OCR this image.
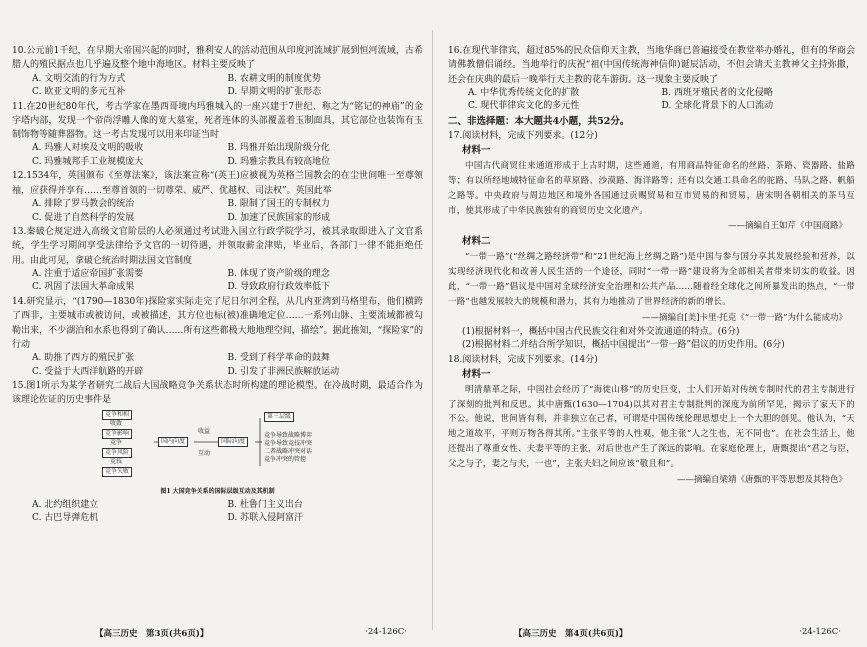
10.公元前1千纪，在早期大帝国兴起的同时，雅利安人的活动范围从印度河流域扩展到恒河流域，古希腊人的殖民据点也几乎遍及整个地中海地区。材料主要反映了

A. 文明交流的行为方式	B. 农耕文明的制度优势
C. 欧亚文明的多元互补	D. 早期文明的扩张形态

11.在20世纪80年代，考古学家在墨西哥境内玛雅城入的一座兴建于7世纪、称之为“铭记的神庙”的金字塔内部，发现一个帝尚浮雕人像的宽大墓室，死者连体的头部覆盖着玉制面具，其它部位也装饰有玉制饰物等随葬器物。这一考古发现可以用来印证当时

A. 玛雅人对埃及文明的吸收	B. 玛雅开始出现阶级分化
C. 玛雅城邦手工业规模庞大	D. 玛雅宗教具有较高地位

12.1534年，英国颁布《至尊法案》，该法案宣称“(英王)应被视为英格兰国教会的在尘世间唯一至尊领袖，应获得并享有……至尊首领的一切尊荣、威严、优越权、司法权”。英国此举

A. 排除了罗马教会的统治	B. 限制了国王的专制权力
C. 促进了自然科学的发展	D. 加速了民族国家的形成

13.秦破仑规定进入高级文官阶层的人必须通过考试进入国立行政学院学习，被其录取即进入了文官系统，学生学习期间享受法律给予文官的一切待遇，并领取薪金津贴，毕业后，各部门一律不能拒绝任用。由此可见，拿破仑统治时期法国文官制度

A. 注重于适应帝国扩张需要	B. 体现了资产阶级的理念
C. 巩固了法国大革命成果	D. 导致政府行政效率低下

14.研究显示，“(1790—1830年)探险家实际走完了尼日尔河全程，从几内亚湾到马格里布，他们横跨了西非，主要城市或被访问，或被描述，其方位也标(被)准确地定位……一系列山脉、主要流域都被勾勒出来，不少湖泊和水系也得到了确认……所有这些都极大地地理空间，描绘”。据此推知，“探险家”的行动

A. 助推了西方的殖民扩张	B. 受到了科学革命的鼓舞
C. 受益于大西洋航路的开辟	D. 引发了非洲民族解放运动

15.图1所示为某学者研究二战后大国战略竞争关系状态时所构建的理论模型。在冷战时期，最适合作为该理论佐证的历史事件是

竞争和相
收敛
竞争影响
竞争
竞争风险
竞技
竞争失败
国内向度	国际向度
收益
互动
第三层级
竞争导致战略博弈
竞争导致竞技冲突
二者战略冲突对话
竞争冲突的管控

图1 大国竞争关系的国际层级互动及其机制

A. 北约组织建立	B. 杜鲁门主义出台
C. 古巴导弹危机	D. 苏联入侵阿富汗
【高三历史　第3页(共6页)】	·24-126C·

16.在现代菲律宾，超过85%的民众信仰天主教，当地华商已普遍接受在教堂举办婚礼，但有的华商会请佛教僧侣诵经。当地举行的庆祝“祖(中国传统海神信仰)诞辰活动，不但会请天主教神父主持弥撒，还会在庆典的最后一晚举行天主教的花车游街。这一现象主要反映了

A. 中华优秀传统文化的扩散	B. 西班牙殖民者的文化侵略
C. 现代菲律宾文化的多元性	D. 全球化背景下的人口流动

二、非选择题：本大题共4小题，共52分。

17.阅读材料，完成下列要求。(12分)

材料一

中国古代商贸往来通道形成于上古时期，这些通道，有用商品特征命名的丝路、茶路、瓷器路、盐路等；有以所经地域特征命名的草原路、沙漠路、海洋路等；还有以交通工具命名的驼路、马队之路、帆船之路等。中央政府与周边地区和境外各国通过贡赐贸易和互市贸易的和贸易，唐宋明各朝相关的茶马互市，使其形成了中华民族独有的商贸历史文化遗产。

——摘编自王如芹《中国商路》

材料二

“一带一路”(“丝绸之路经济带”和“21世纪海上丝绸之路”)是中国与参与国分享其发展经验和营养，以实现经济现代化和改善人民生活的一个途径，同时“一带一路”建设将为全部相关者带来切实的收益。因此，“一带一路”倡议是中国对全球经济安全治理和公共产品……随着经全球化之间所暴发出的热点，“一带一路”也越发展较大的规模和潜力，其有力地推动了世界经济的新的增长。

——摘编自[美]卡里·托克《“一带一路”为什么能成功》

(1)根据材料一，概括中国古代民族交往和对外交流通道的特点。(6分)

(2)根据材料二并结合所学知识，概括中国提出“一带一路”倡议的历史作用。(6分)

18.阅读材料，完成下列要求。(14分)

材料一

明清鼎革之际，中国社会经历了“海徙山移”的历史巨变，士人们开始对传统专制时代的君主专制进行了深刻的批判和反思。其中唐甄(1630—1704)以其对君主专制批判的深度为前所罕见，揭示了家天下的不公。他说，世间皆有利，并非独立在己者，可谓是中国传统伦理思想史上一个大胆的创见。他认为，“天地之道故平，平则万物各得其所。”主张平等的人性观，他主张“人之生也，无不同也”。在社会生活上，他还提出了尊重女性、夫妻平等的主张，对后世也产生了深远的影响。在家庭伦理上，唐甄提出“君之与臣，父之与子，妻之与夫，一也”，主张夫妇之间应该“敬且和”。

——摘编自梁靖《唐甄的平等思想及其特色》

【高三历史　第4页(共6页)】	·24-126C·
